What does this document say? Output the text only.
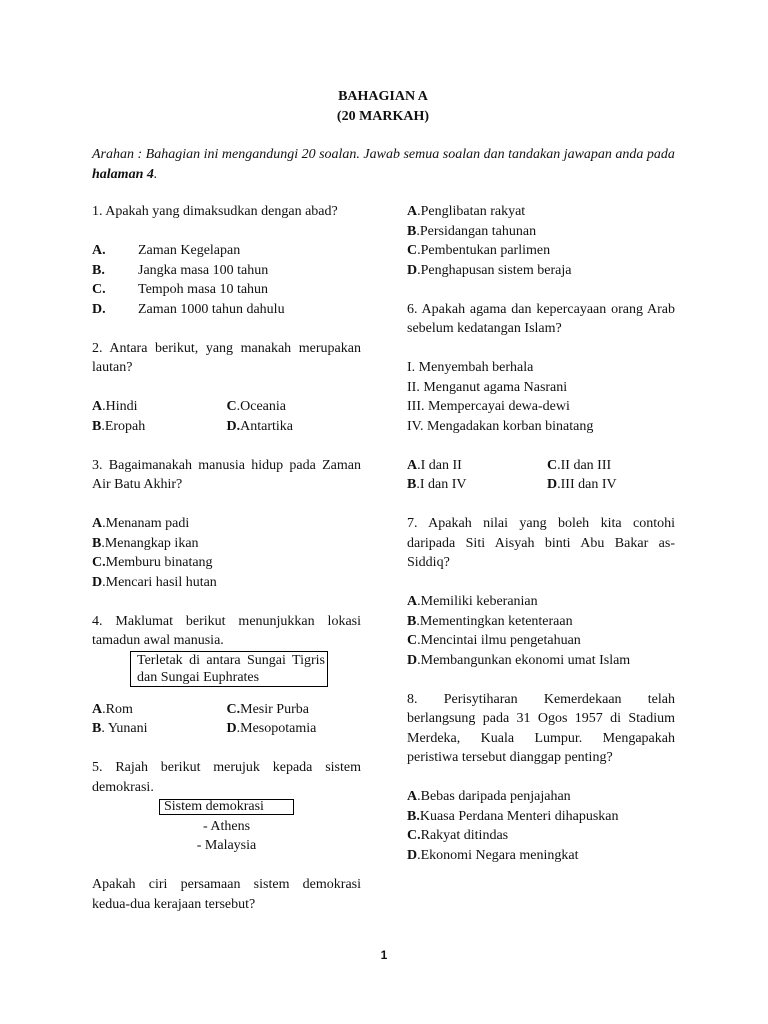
BAHAGIAN A
(20 MARKAH)
Arahan : Bahagian ini mengandungi 20 soalan. Jawab semua soalan dan tandakan jawapan anda pada halaman 4.

1. Apakah yang dimaksudkan dengan abad?

A.	Zaman Kegelapan
B.	Jangka masa 100 tahun
C.	Tempoh masa 10 tahun
D.	Zaman 1000 tahun dahulu

2. Antara berikut, yang manakah merupakan lautan?

A.Hindi	C.Oceania
B.Eropah	D.Antartika

3. Bagaimanakah manusia hidup pada Zaman Air Batu Akhir?

A.Menanam padi
B.Menangkap ikan
C.Memburu binatang
D.Mencari hasil hutan

4. Maklumat berikut menunjukkan lokasi tamadun awal manusia.

Terletak di antara Sungai Tigris dan Sungai Euphrates
A.Rom	C.Mesir Purba
B. Yunani	D.Mesopotamia

5. Rajah berikut merujuk kepada sistem demokrasi.

Sistem demokrasi
- Athens
- Malaysia

Apakah ciri persamaan sistem demokrasi kedua-dua kerajaan tersebut?

A.Penglibatan rakyat
B.Persidangan tahunan
C.Pembentukan parlimen
D.Penghapusan sistem beraja

6. Apakah agama dan kepercayaan orang Arab sebelum kedatangan Islam?

I. Menyembah berhala
II. Menganut agama Nasrani
III. Mempercayai dewa-dewi
IV. Mengadakan korban binatang
A.I dan II	C.II dan III
B.I dan IV	D.III dan IV

7. Apakah nilai yang boleh kita contohi daripada Siti Aisyah binti Abu Bakar as-Siddiq?

A.Memiliki keberanian
B.Mementingkan ketenteraan
C.Mencintai ilmu pengetahuan
D.Membangunkan ekonomi umat Islam

8. Perisytiharan Kemerdekaan telah berlangsung pada 31 Ogos 1957 di Stadium Merdeka, Kuala Lumpur. Mengapakah peristiwa tersebut dianggap penting?

A.Bebas daripada penjajahan
B.Kuasa Perdana Menteri dihapuskan
C.Rakyat ditindas
D.Ekonomi Negara meningkat
1
